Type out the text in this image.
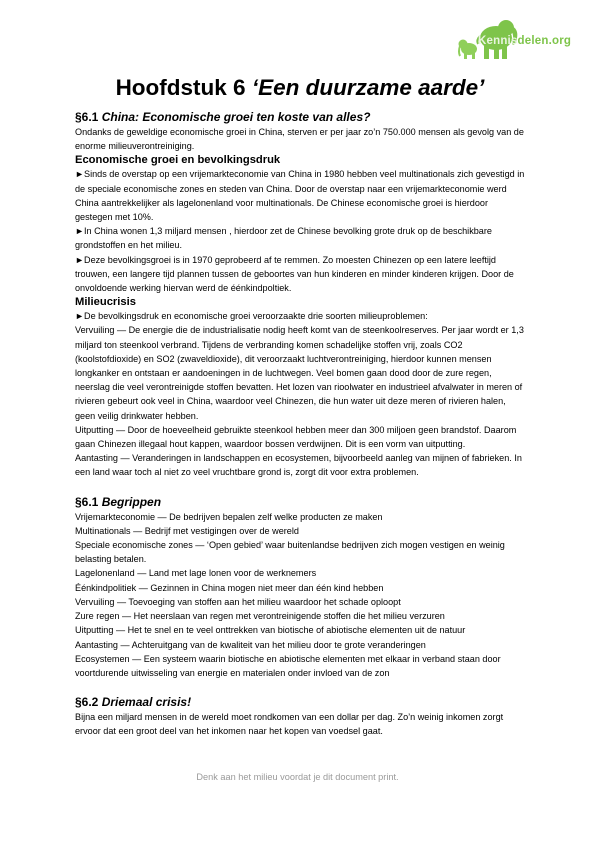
Kennisdelen.org
Hoofdstuk 6 ‘Een duurzame aarde’
§6.1 China: Economische groei ten koste van alles?

Ondanks de geweldige economische groei in China, sterven er per jaar zo’n 750.000 mensen als gevolg van de enorme milieuverontreiniging.

Economische groei en bevolkingsdruk

►Sinds de overstap op een vrijemarkteconomie van China in 1980 hebben veel multinationals zich gevestigd in de speciale economische zones en steden van China. Door de overstap naar een vrijemarkteconomie werd China aantrekkelijker als lagelonenland voor multinationals. De Chinese economische groei is hierdoor gestegen met 10%.

►In China wonen 1,3 miljard mensen , hierdoor zet de Chinese bevolking grote druk op de beschikbare grondstoffen en het milieu.

►Deze bevolkingsgroei is in 1970 geprobeerd af te remmen. Zo moesten Chinezen op een latere leeftijd trouwen, een langere tijd plannen tussen de geboortes van hun kinderen en minder kinderen krijgen. Door de onvoldoende werking hiervan werd de éénkindpoltiek.

Milieucrisis

►De bevolkingsdruk en economische groei veroorzaakte drie soorten milieuproblemen:

Vervuiling — De energie die de industrialisatie nodig heeft komt van de steenkoolreserves. Per jaar wordt er 1,3 miljard ton steenkool verbrand. Tijdens de verbranding komen schadelijke stoffen vrij, zoals CO2 (koolstofdioxide) en SO2 (zwaveldioxide), dit veroorzaakt luchtverontreiniging, hierdoor kunnen mensen longkanker en ontstaan er aandoeningen in de luchtwegen. Veel bomen gaan dood door de zure regen, neerslag die veel verontreinigde stoffen bevatten. Het lozen van rioolwater en industrieel afvalwater in meren of rivieren gebeurt ook veel in China, waardoor veel Chinezen, die hun water uit deze meren of rivieren halen, geen veilig drinkwater hebben.

Uitputting — Door de hoeveelheid gebruikte steenkool hebben meer dan 300 miljoen geen brandstof. Daarom gaan Chinezen illegaal hout kappen, waardoor bossen verdwijnen. Dit is een vorm van uitputting.

Aantasting — Veranderingen in landschappen en ecosystemen, bijvoorbeeld aanleg van mijnen of fabrieken. In een land waar toch al niet zo veel vruchtbare grond is, zorgt dit voor extra problemen.

§6.1 Begrippen

Vrijemarkteconomie — De bedrijven bepalen zelf welke producten ze maken

Multinationals — Bedrijf met vestigingen over de wereld

Speciale economische zones — ‘Open gebied’ waar buitenlandse bedrijven zich mogen vestigen en weinig belasting betalen.

Lagelonenland — Land met lage lonen voor de werknemers

Éénkindpolitiek — Gezinnen in China mogen niet meer dan één kind hebben

Vervuiling — Toevoeging van stoffen aan het milieu waardoor het schade oploopt

Zure regen — Het neerslaan van regen met verontreinigende stoffen die het milieu verzuren

Uitputting — Het te snel en te veel onttrekken van biotische of abiotische elementen uit de natuur

Aantasting — Achteruitgang van de kwaliteit van het milieu door te grote veranderingen

Ecosystemen — Een systeem waarin biotische en abiotische elementen met elkaar in verband staan door voortdurende uitwisseling van energie en materialen onder invloed van de zon

§6.2 Driemaal crisis!

Bijna een miljard mensen in de wereld moet rondkomen van een dollar per dag. Zo’n weinig inkomen zorgt ervoor dat een groot deel van het inkomen naar het kopen van voedsel gaat.

Denk aan het milieu voordat je dit document print.
